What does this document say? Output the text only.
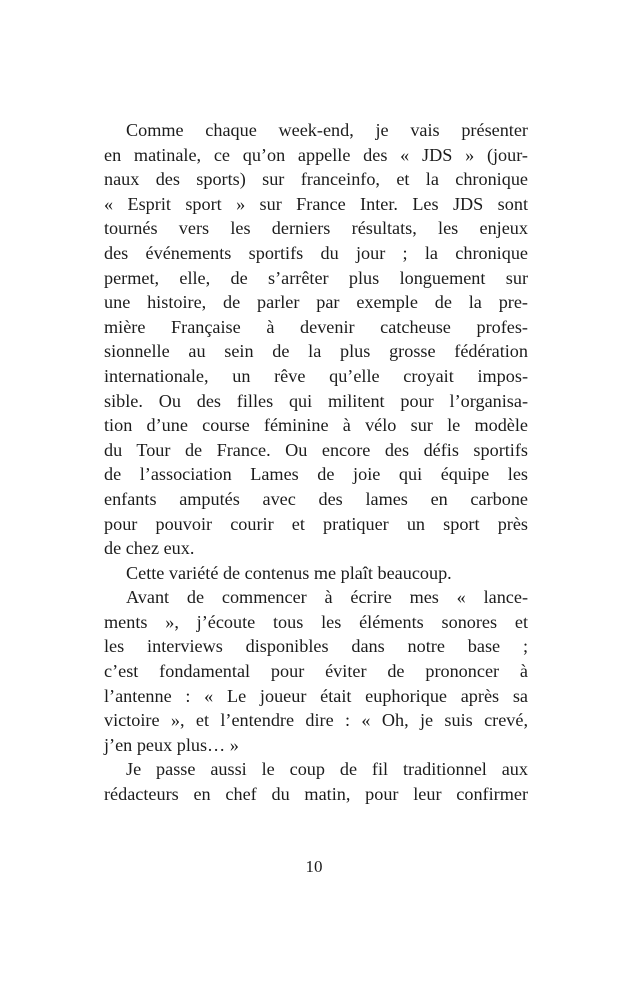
Comme chaque week-end, je vais présenter
en matinale, ce qu’on appelle des « JDS » (jour-
naux des sports) sur franceinfo, et la chronique
« Esprit sport » sur France Inter. Les JDS sont
tournés vers les derniers résultats, les enjeux
des événements sportifs du jour ; la chronique
permet, elle, de s’arrêter plus longuement sur
une histoire, de parler par exemple de la pre-
mière Française à devenir catcheuse profes-
sionnelle au sein de la plus grosse fédération
internationale, un rêve qu’elle croyait impos-
sible. Ou des filles qui militent pour l’organisa-
tion d’une course féminine à vélo sur le modèle
du Tour de France. Ou encore des défis sportifs
de l’association Lames de joie qui équipe les
enfants amputés avec des lames en carbone
pour pouvoir courir et pratiquer un sport près
de chez eux.
Cette variété de contenus me plaît beaucoup.
Avant de commencer à écrire mes « lance-
ments », j’écoute tous les éléments sonores et
les interviews disponibles dans notre base ;
c’est fondamental pour éviter de prononcer à
l’antenne : « Le joueur était euphorique après sa
victoire », et l’entendre dire : « Oh, je suis crevé,
j’en peux plus… »
Je passe aussi le coup de fil traditionnel aux
rédacteurs en chef du matin, pour leur confirmer
10
